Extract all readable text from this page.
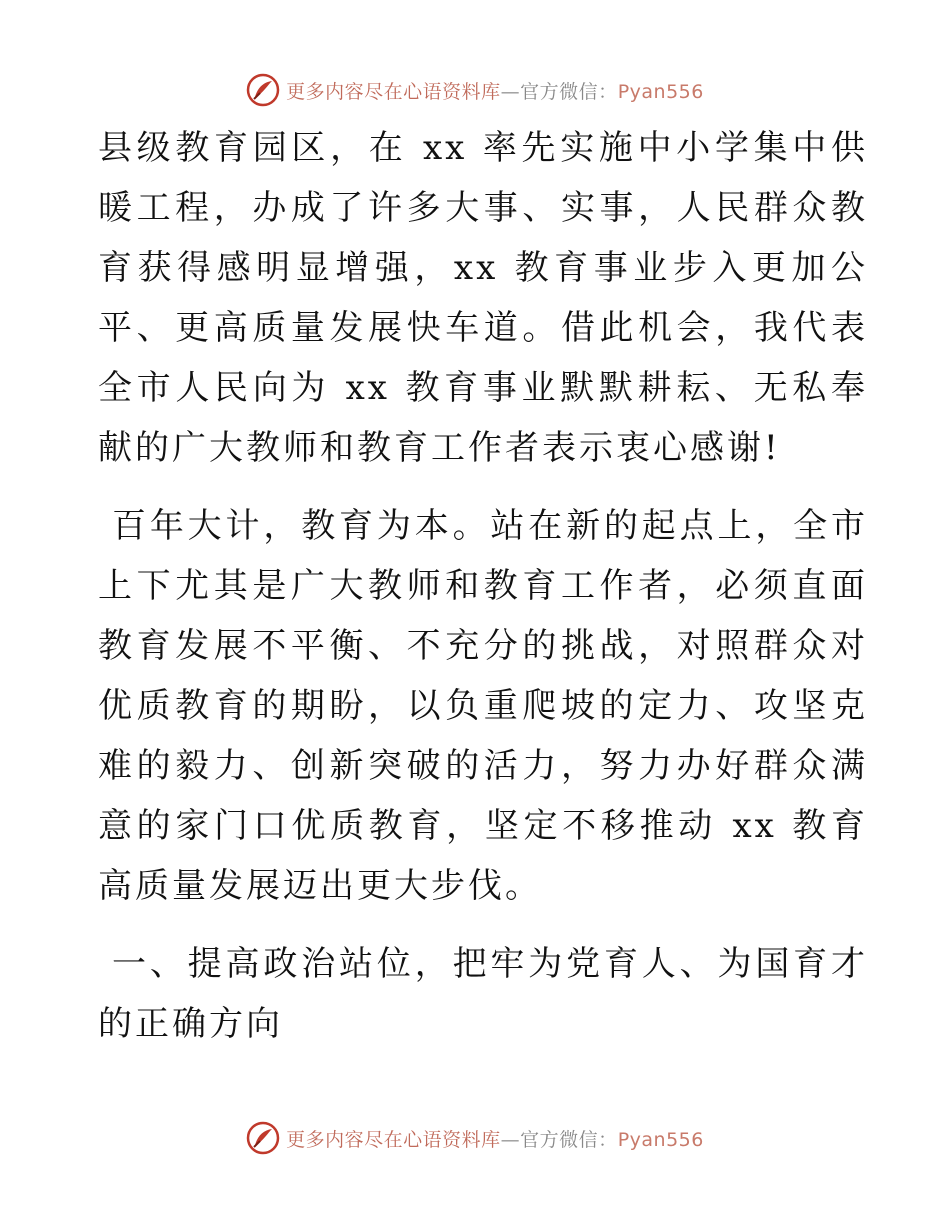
更多内容尽在心语资料库—官方微信：Pyan556

县级教育园区，在 xx 率先实施中小学集中供暖工程，办成了许多大事、实事，人民群众教育获得感明显增强，xx 教育事业步入更加公平、更高质量发展快车道。借此机会，我代表全市人民向为 xx 教育事业默默耕耘、无私奉献的广大教师和教育工作者表示衷心感谢!

百年大计，教育为本。站在新的起点上，全市上下尤其是广大教师和教育工作者，必须直面教育发展不平衡、不充分的挑战，对照群众对优质教育的期盼，以负重爬坡的定力、攻坚克难的毅力、创新突破的活力，努力办好群众满意的家门口优质教育，坚定不移推动 xx 教育高质量发展迈出更大步伐。

一、提高政治站位，把牢为党育人、为国育才的正确方向

更多内容尽在心语资料库—官方微信：Pyan556
